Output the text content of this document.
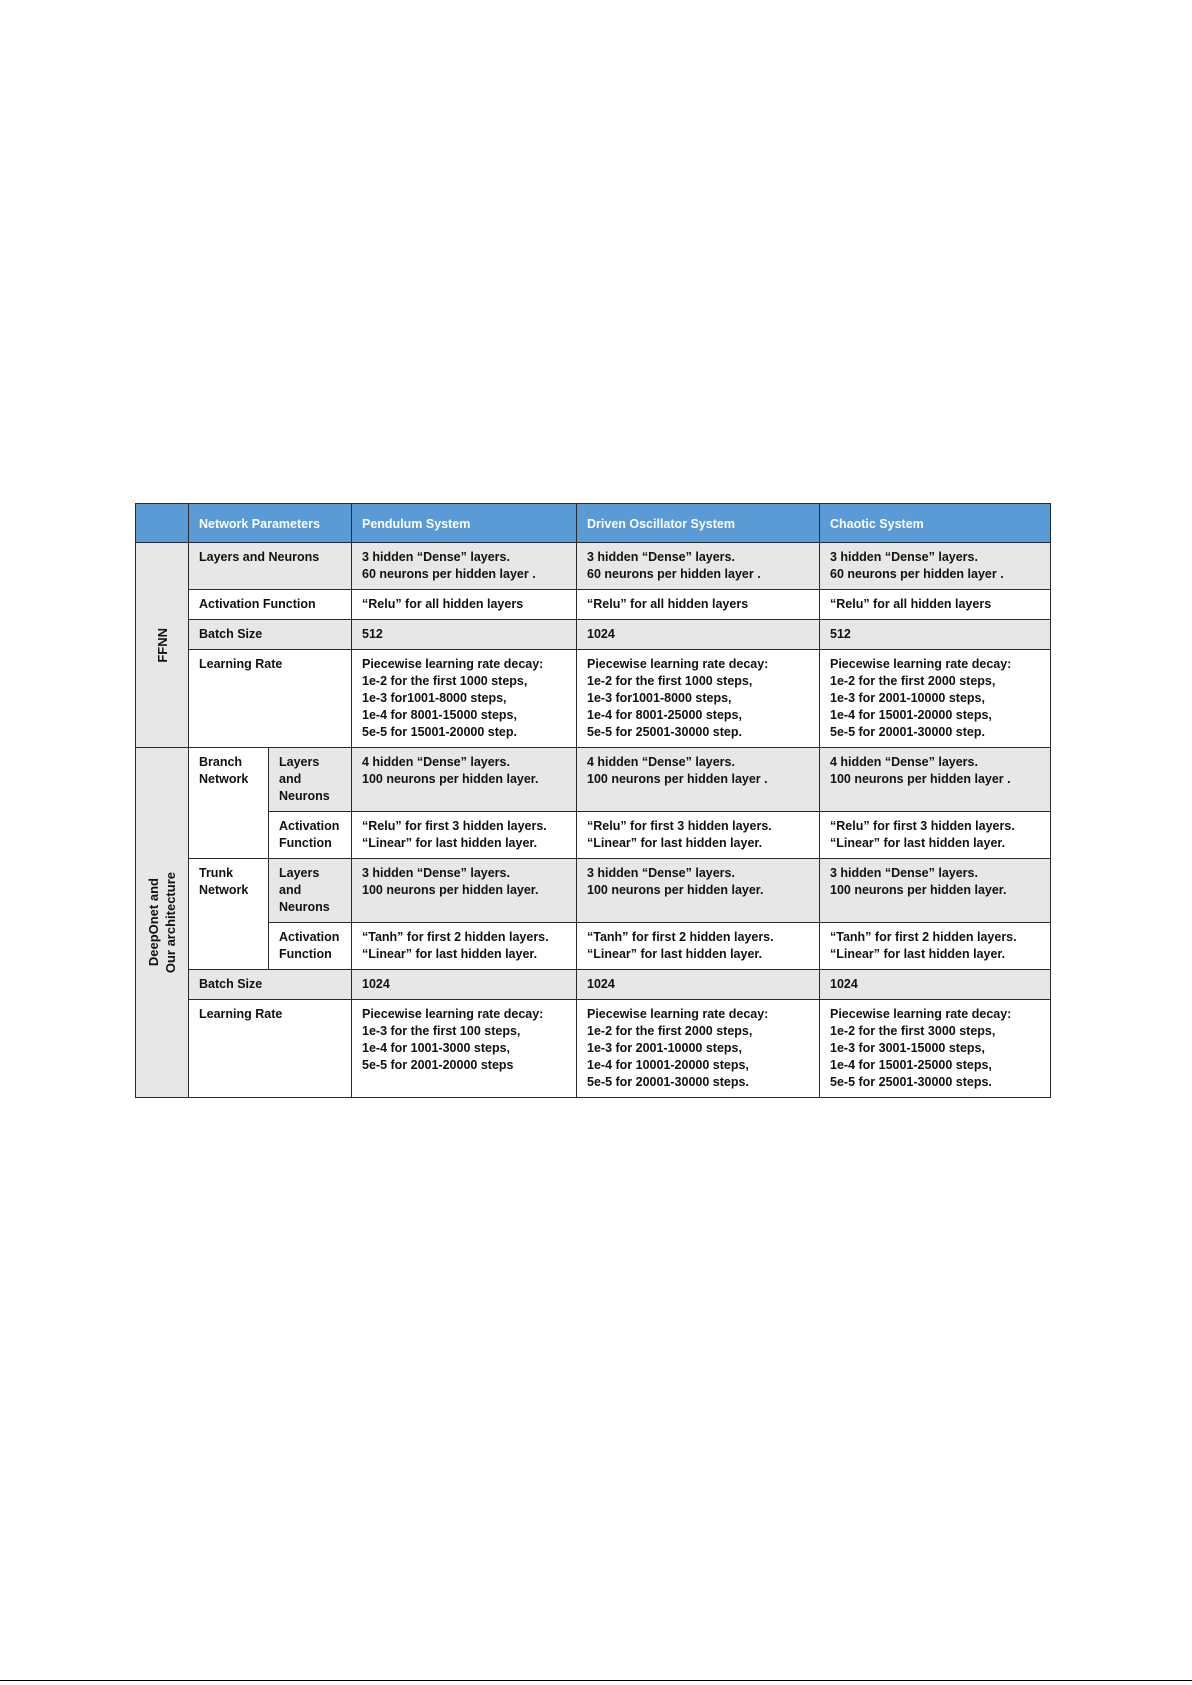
	Network Parameters		Pendulum System	Driven Oscillator System	Chaotic System

FFNN	Layers and Neurons		3 hidden “Dense” layers.
60 neurons per hidden layer .	3 hidden “Dense” layers.
60 neurons per hidden layer .	3 hidden “Dense” layers.
60 neurons per hidden layer .

	Activation Function		“Relu” for all hidden layers	“Relu” for all hidden layers	“Relu” for all hidden layers

	Batch Size		512	1024	512

	Learning Rate		Piecewise learning rate decay:
1e-2 for the first 1000 steps,
1e-3 for1001-8000 steps,
1e-4 for 8001-15000 steps,
5e-5 for 15001-20000 step.	Piecewise learning rate decay:
1e-2 for the first 1000 steps,
1e-3 for1001-8000 steps,
1e-4 for 8001-25000 steps,
5e-5 for 25001-30000 step.	Piecewise learning rate decay:
1e-2 for the first 2000 steps,
1e-3 for 2001-10000 steps,
1e-4 for 15001-20000 steps,
5e-5 for 20001-30000 step.

DeepOnet and Our architecture	Branch
Network	Layers
and
Neurons	4 hidden “Dense” layers.
100 neurons per hidden layer.	4 hidden “Dense” layers.
100 neurons per hidden layer .	4 hidden “Dense” layers.
100 neurons per hidden layer .

		Activation
Function	“Relu” for first 3 hidden layers.
“Linear” for last hidden layer.	“Relu” for first 3 hidden layers.
“Linear” for last hidden layer.	“Relu” for first 3 hidden layers.
“Linear” for last hidden layer.

	Trunk
Network	Layers
and
Neurons	3 hidden “Dense” layers.
100 neurons per hidden layer.	3 hidden “Dense” layers.
100 neurons per hidden layer.	3 hidden “Dense” layers.
100 neurons per hidden layer.

		Activation
Function	“Tanh” for first 2 hidden layers.
“Linear” for last hidden layer.	“Tanh” for first 2 hidden layers.
“Linear” for last hidden layer.	“Tanh” for first 2 hidden layers.
“Linear” for last hidden layer.

	Batch Size		1024	1024	1024

	Learning Rate		Piecewise learning rate decay:
1e-3 for the first 100 steps,
1e-4 for 1001-3000 steps,
5e-5 for 2001-20000 steps	Piecewise learning rate decay:
1e-2 for the first 2000 steps,
1e-3 for 2001-10000 steps,
1e-4 for 10001-20000 steps,
5e-5 for 20001-30000 steps.	Piecewise learning rate decay:
1e-2 for the first 3000 steps,
1e-3 for 3001-15000 steps,
1e-4 for 15001-25000 steps,
5e-5 for 25001-30000 steps.
